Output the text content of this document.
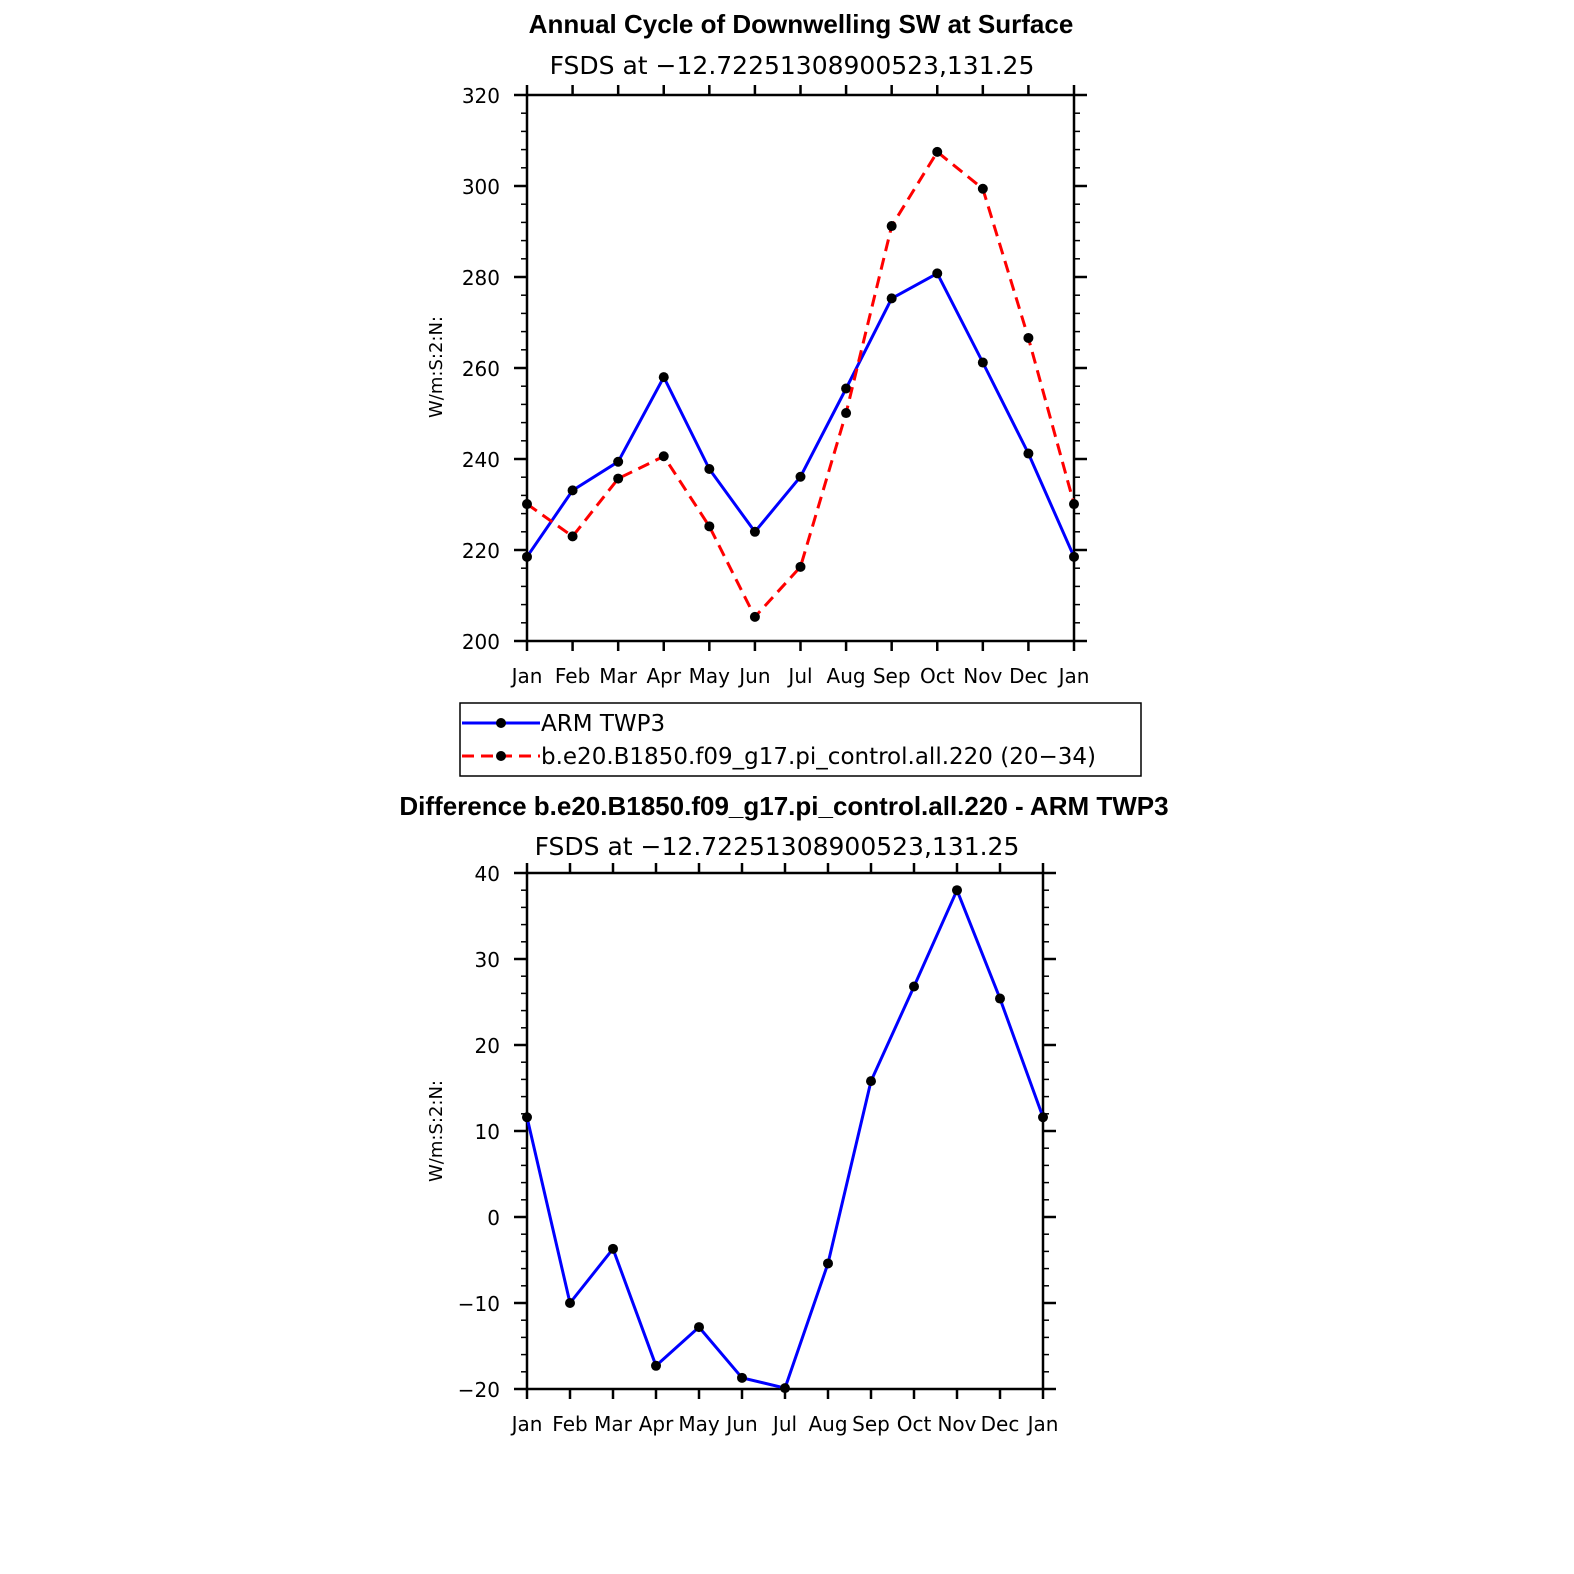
Annual Cycle of Downwelling SW at Surface
FSDS at −12.72251308900523,131.25
W/m:S:2:N:
Jan Feb Mar Apr May Jun Jul Aug Sep Oct Nov Dec Jan
200
220
240
260
280
300
320
ARM TWP3
b.e20.B1850.f09_g17.pi_control.all.220 (20−34)
Difference b.e20.B1850.f09_g17.pi_control.all.220 - ARM TWP3
FSDS at −12.72251308900523,131.25
W/m:S:2:N:
Jan Feb Mar Apr May Jun Jul Aug Sep Oct Nov Dec Jan
−20
−10
0
10
20
30
40
